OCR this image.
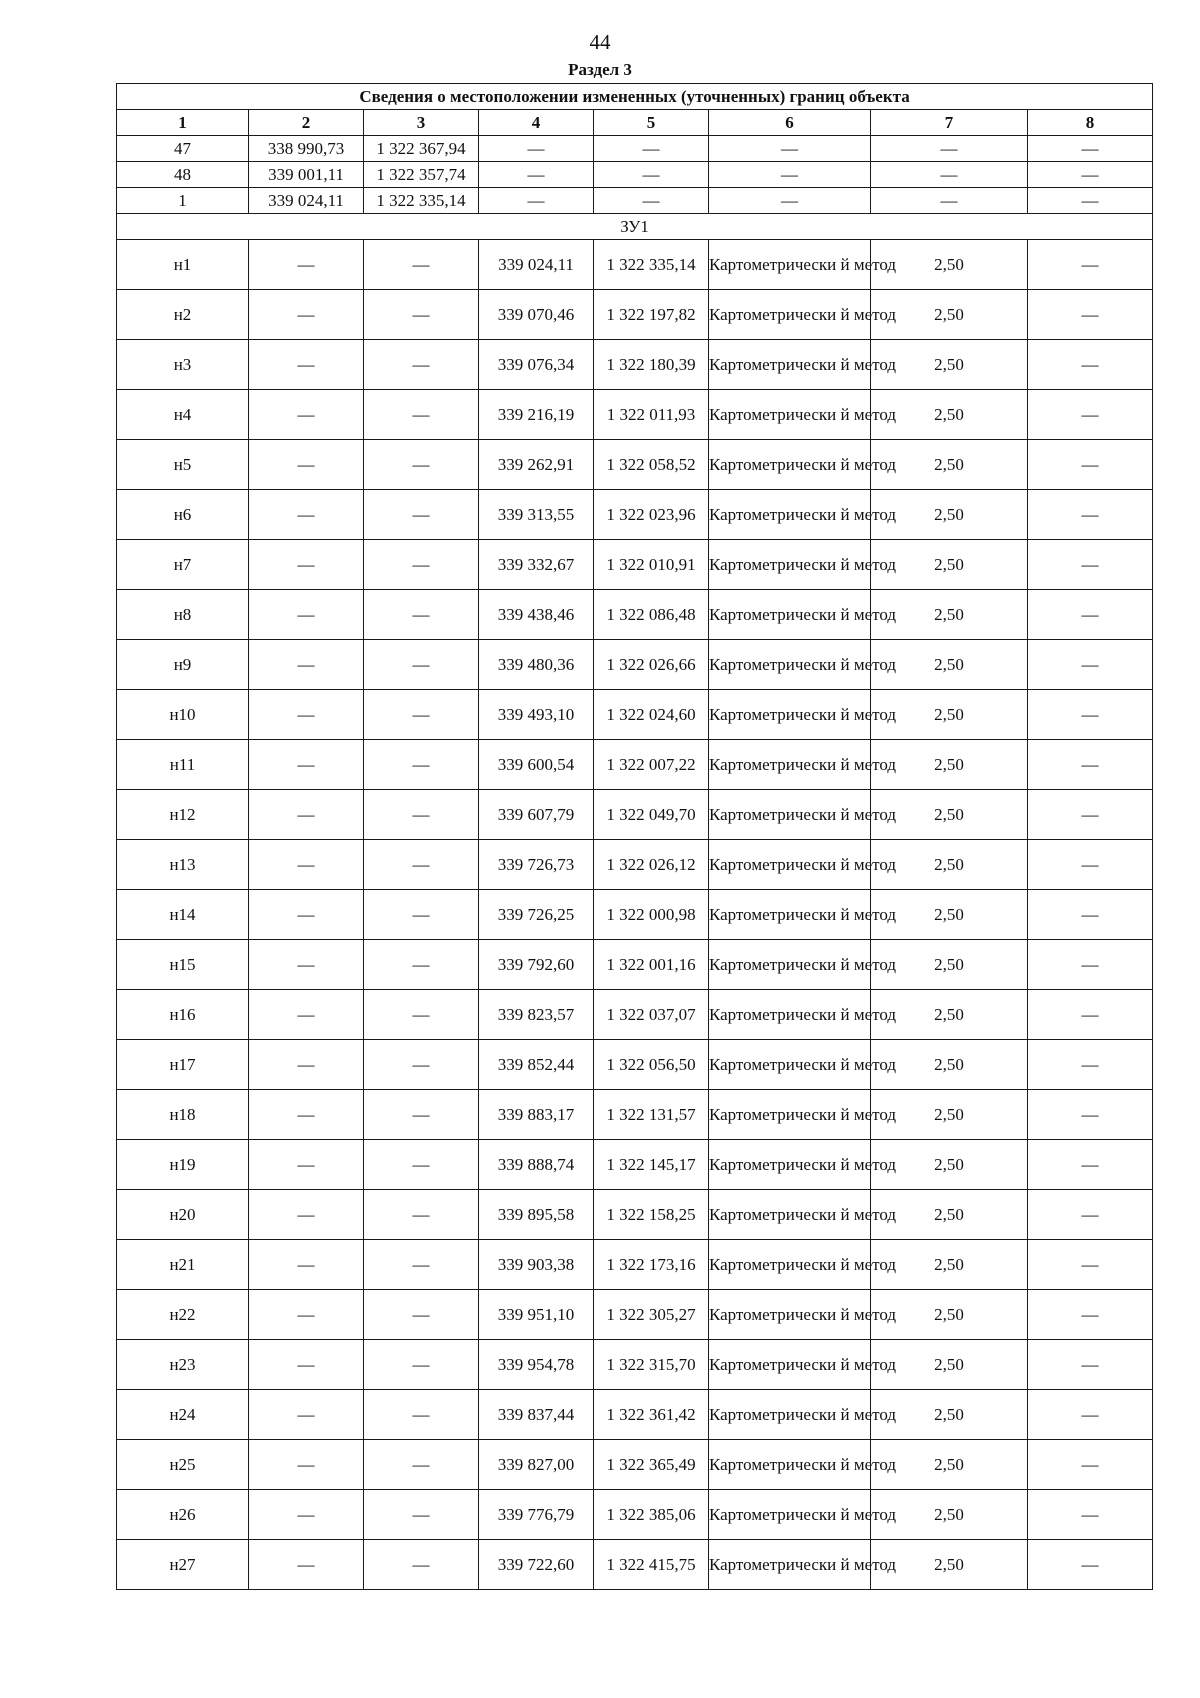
44
Раздел 3
Сведения о местоположении измененных (уточненных) границ объекта							
1	2	3	4	5	6	7	8
47	338 990,73	1 322 367,94	—	—	—	—	—
48	339 001,11	1 322 357,74	—	—	—	—	—
1	339 024,11	1 322 335,14	—	—	—	—	—
ЗУ1							
н1	—	—	339 024,11	1 322 335,14	Картометрически й метод	2,50	—
н2	—	—	339 070,46	1 322 197,82	Картометрически й метод	2,50	—
н3	—	—	339 076,34	1 322 180,39	Картометрически й метод	2,50	—
н4	—	—	339 216,19	1 322 011,93	Картометрически й метод	2,50	—
н5	—	—	339 262,91	1 322 058,52	Картометрически й метод	2,50	—
н6	—	—	339 313,55	1 322 023,96	Картометрически й метод	2,50	—
н7	—	—	339 332,67	1 322 010,91	Картометрически й метод	2,50	—
н8	—	—	339 438,46	1 322 086,48	Картометрически й метод	2,50	—
н9	—	—	339 480,36	1 322 026,66	Картометрически й метод	2,50	—
н10	—	—	339 493,10	1 322 024,60	Картометрически й метод	2,50	—
н11	—	—	339 600,54	1 322 007,22	Картометрически й метод	2,50	—
н12	—	—	339 607,79	1 322 049,70	Картометрически й метод	2,50	—
н13	—	—	339 726,73	1 322 026,12	Картометрически й метод	2,50	—
н14	—	—	339 726,25	1 322 000,98	Картометрически й метод	2,50	—
н15	—	—	339 792,60	1 322 001,16	Картометрически й метод	2,50	—
н16	—	—	339 823,57	1 322 037,07	Картометрически й метод	2,50	—
н17	—	—	339 852,44	1 322 056,50	Картометрически й метод	2,50	—
н18	—	—	339 883,17	1 322 131,57	Картометрически й метод	2,50	—
н19	—	—	339 888,74	1 322 145,17	Картометрически й метод	2,50	—
н20	—	—	339 895,58	1 322 158,25	Картометрически й метод	2,50	—
н21	—	—	339 903,38	1 322 173,16	Картометрически й метод	2,50	—
н22	—	—	339 951,10	1 322 305,27	Картометрически й метод	2,50	—
н23	—	—	339 954,78	1 322 315,70	Картометрически й метод	2,50	—
н24	—	—	339 837,44	1 322 361,42	Картометрически й метод	2,50	—
н25	—	—	339 827,00	1 322 365,49	Картометрически й метод	2,50	—
н26	—	—	339 776,79	1 322 385,06	Картометрически й метод	2,50	—
н27	—	—	339 722,60	1 322 415,75	Картометрически й метод	2,50	—
